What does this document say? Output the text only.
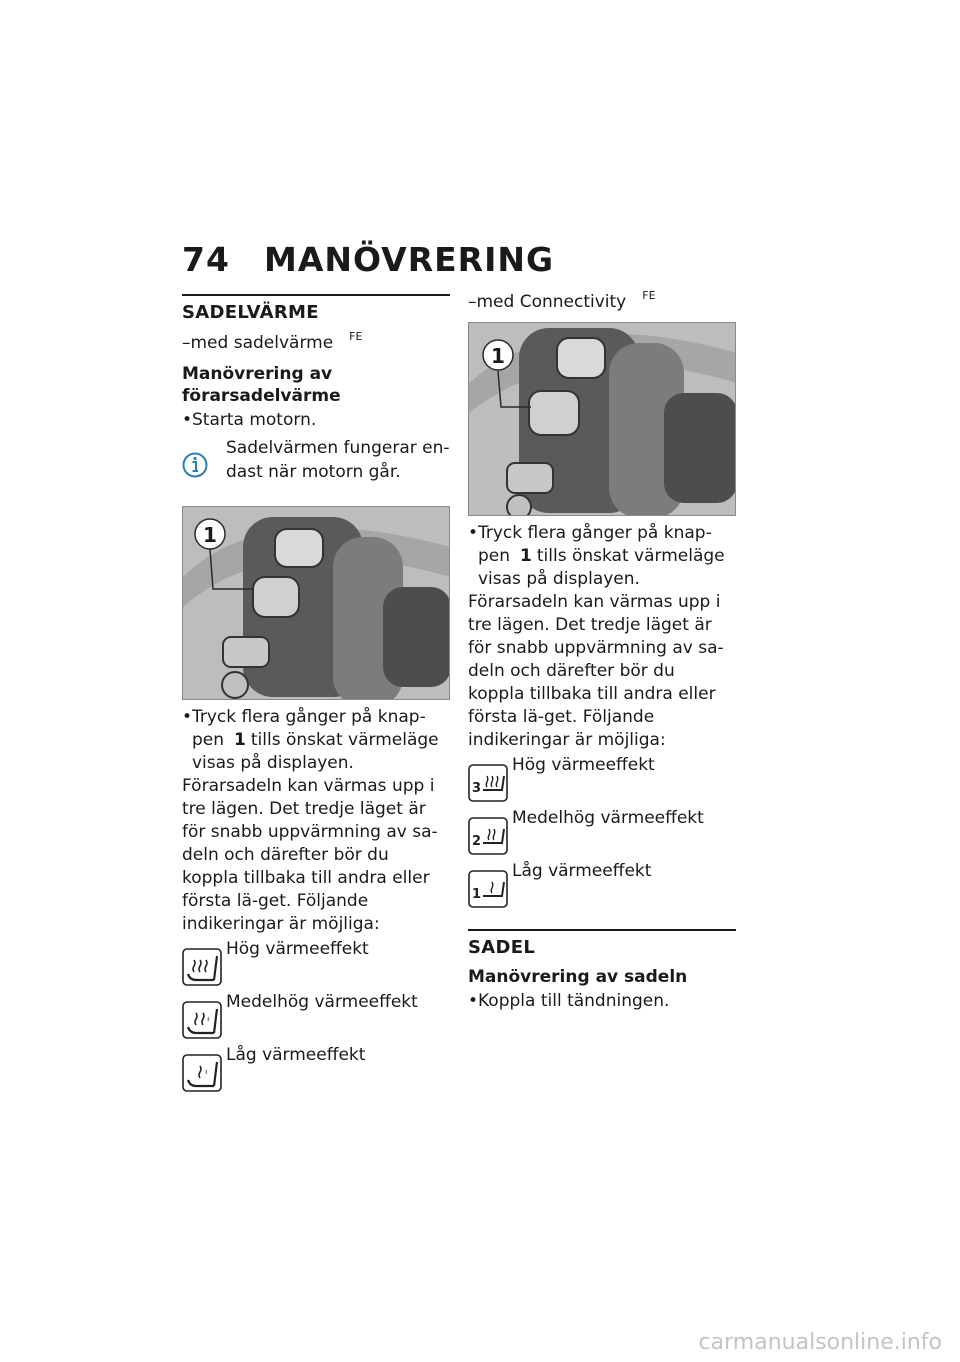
74 MANÖVRERING
SADELVÄRME
–med sadelvärme $^{FE}$
Manövrering av förarsadelvärme
• Starta motorn.
Sadelvärmen fungerar en-dast när motorn går.
1
• Tryck flera gånger på knap-pen 1 tills önskat värmeläge visas på displayen.

Förarsadeln kan värmas upp i tre lägen. Det tredje läget är för snabb uppvärmning av sa-deln och därefter bör du koppla tillbaka till andra eller första lä-get. Följande indikeringar är möjliga:

Hög värmeeffekt
Medelhög värmeeffekt
Låg värmeeffekt
–med Connectivity $^{FE}$
1
• Tryck flera gånger på knap-pen 1 tills önskat värmeläge visas på displayen.

Förarsadeln kan värmas upp i tre lägen. Det tredje läget är för snabb uppvärmning av sa-deln och därefter bör du koppla tillbaka till andra eller första lä-get. Följande indikeringar är möjliga:

3
Hög värmeeffekt
2
Medelhög värmeeffekt
1
Låg värmeeffekt
SADEL
Manövrering av sadeln
• Koppla till tändningen.
carmanualsonline.info
